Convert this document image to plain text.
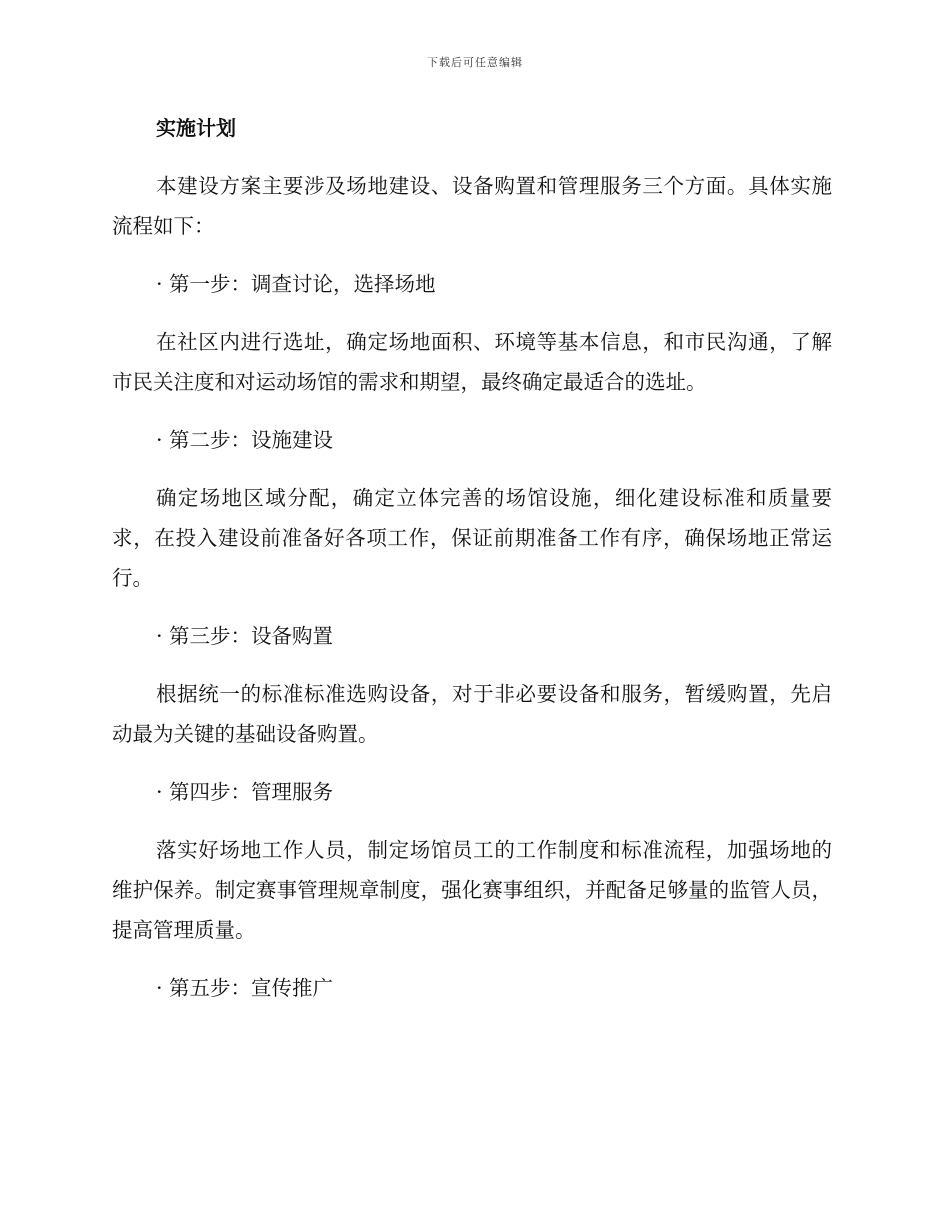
下载后可任意编辑
实施计划

本建设方案主要涉及场地建设、设备购置和管理服务三个方面。具体实施流程如下：

· 第一步：调查讨论，选择场地

在社区内进行选址，确定场地面积、环境等基本信息，和市民沟通，了解市民关注度和对运动场馆的需求和期望，最终确定最适合的选址。

· 第二步：设施建设

确定场地区域分配，确定立体完善的场馆设施，细化建设标准和质量要求，在投入建设前准备好各项工作，保证前期准备工作有序，确保场地正常运行。

· 第三步：设备购置

根据统一的标准标准选购设备，对于非必要设备和服务，暂缓购置，先启动最为关键的基础设备购置。

· 第四步：管理服务

落实好场地工作人员，制定场馆员工的工作制度和标准流程，加强场地的维护保养。制定赛事管理规章制度，强化赛事组织，并配备足够量的监管人员，提高管理质量。

· 第五步：宣传推广
